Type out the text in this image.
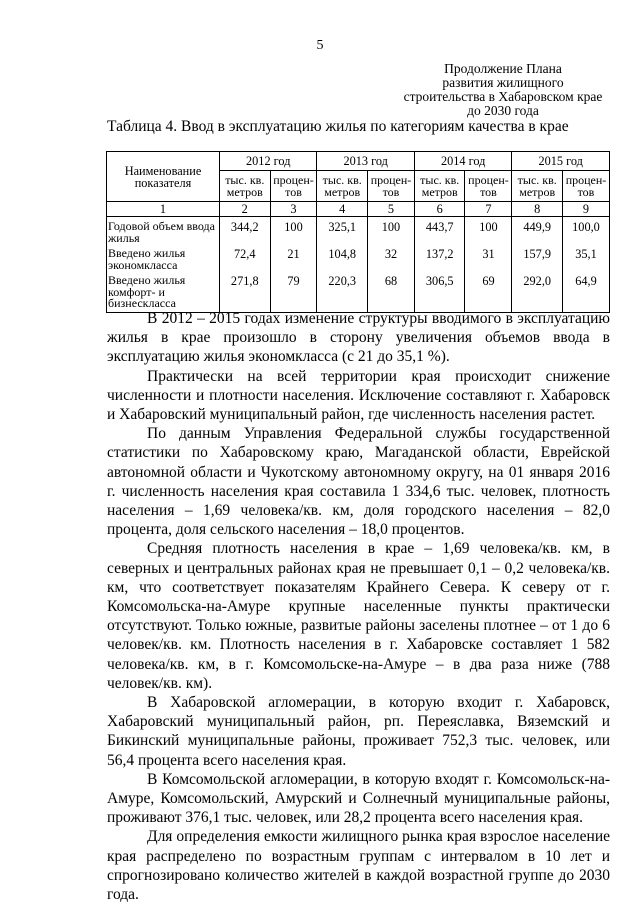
5
Продолжение Плана
развития жилищного
строительства в Хабаровском крае
до 2030 года
Таблица 4. Ввод в эксплуатацию жилья по категориям качества в крае
Наименование показателя	2012 год		2013 год		2014 год		2015 год	
	тыс. кв. метров	процен-тов	тыс. кв. метров	процен-тов	тыс. кв. метров	процен-тов	тыс. кв. метров	процен-тов
1	2	3	4	5	6	7	8	9
Годовой объем ввода жилья	344,2	100	325,1	100	443,7	100	449,9	100,0
Введено жилья экономкласса	72,4	21	104,8	32	137,2	31	157,9	35,1
Введено жилья комфорт- и бизнескласса	271,8	79	220,3	68	306,5	69	292,0	64,9

В 2012 – 2015 годах изменение структуры вводимого в эксплуатацию жилья в крае произошло в сторону увеличения объемов ввода в эксплуатацию жилья экономкласса (с 21 до 35,1 %).

Практически на всей территории края происходит снижение численности и плотности населения. Исключение составляют г. Хабаровск и Хабаровский муниципальный район, где численность населения растет.

По данным Управления Федеральной службы государственной статистики по Хабаровскому краю, Магаданской области, Еврейской автономной области и Чукотскому автономному округу, на 01 января 2016 г. численность населения края составила 1 334,6 тыс. человек, плотность населения – 1,69 человека/кв. км, доля городского населения – 82,0 процента, доля сельского населения – 18,0 процентов.

Средняя плотность населения в крае – 1,69 человека/кв. км, в северных и центральных районах края не превышает 0,1 – 0,2 человека/кв. км, что соответствует показателям Крайнего Севера. К северу от г. Комсомольска-на-Амуре крупные населенные пункты практически отсутствуют. Только южные, развитые районы заселены плотнее – от 1 до 6 человек/кв. км. Плотность населения в г. Хабаровске составляет 1 582 человека/кв. км, в г. Комсомольске-на-Амуре – в два раза ниже (788 человек/кв. км).

В Хабаровской агломерации, в которую входит г. Хабаровск, Хабаровский муниципальный район, рп. Переяславка, Вяземский и Бикинский муниципальные районы, проживает 752,3 тыс. человек, или 56,4 процента всего населения края.

В Комсомольской агломерации, в которую входят г. Комсомольск-на-Амуре, Комсомольский, Амурский и Солнечный муниципальные районы, проживают 376,1 тыс. человек, или 28,2 процента всего населения края.

Для определения емкости жилищного рынка края взрослое население края распределено по возрастным группам с интервалом в 10 лет и спрогнозировано количество жителей в каждой возрастной группе до 2030 года.
